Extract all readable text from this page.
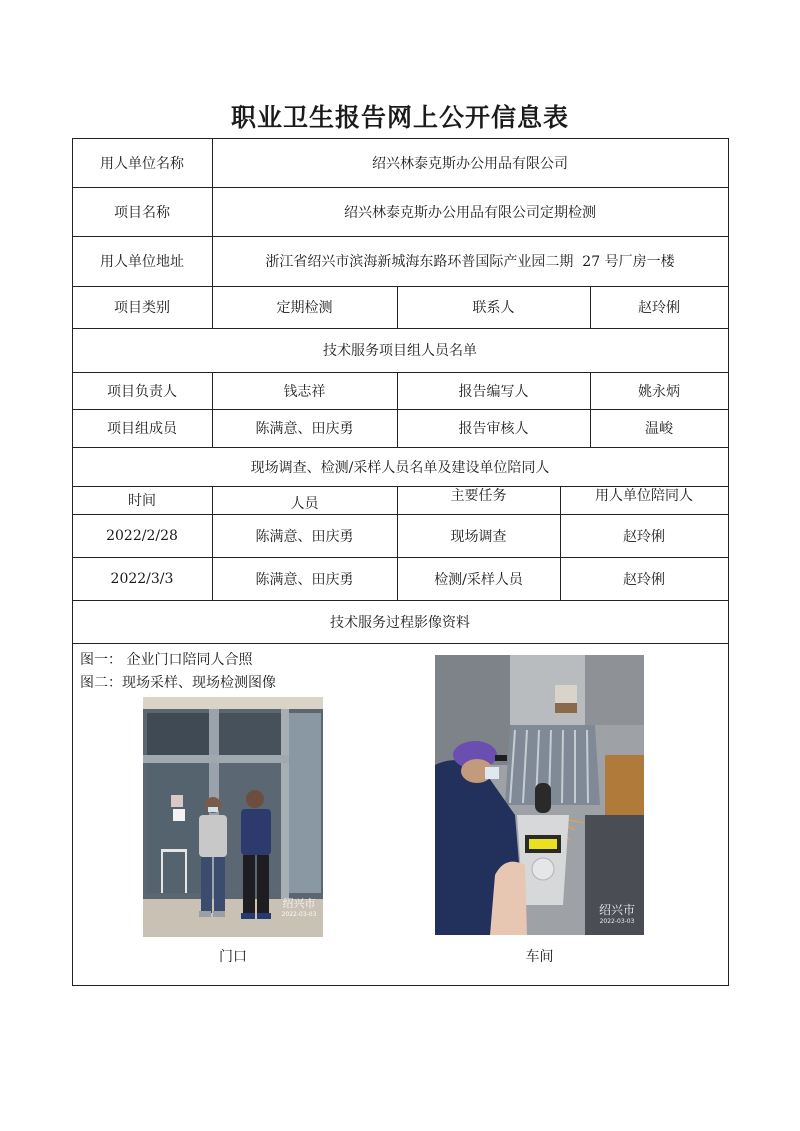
职业卫生报告网上公开信息表
用人单位名称	绍兴林泰克斯办公用品有限公司
项目名称	绍兴林泰克斯办公用品有限公司定期检测
用人单位地址	浙江省绍兴市滨海新城海东路环普国际产业园二期  27 号厂房一楼
项目类别	定期检测	联系人	赵玲俐
技术服务项目组人员名单
项目负责人	钱志祥	报告编写人	姚永炳
项目组成员	陈满意、田庆勇	报告审核人	温峻
现场调查、检测/采样人员名单及建设单位陪同人
时间	人员	主要任务	用人单位陪同人
2022/2/28	陈满意、田庆勇	现场调查	赵玲俐
2022/3/3	陈满意、田庆勇	检测/采样人员	赵玲俐
技术服务过程影像资料
图一： 企业门口陪同人合照
图二：现场采样、现场检测图像
绍兴市
2022-03-03
门口
绍兴市
2022-03-03
车间
